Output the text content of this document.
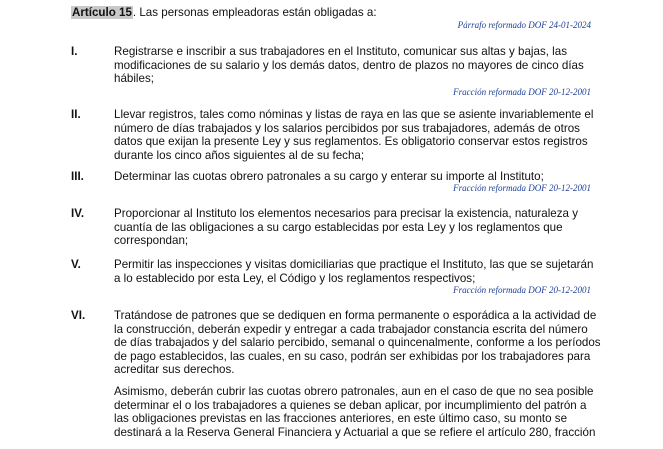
Artículo 15. Las personas empleadoras están obligadas a:
Párrafo reformado DOF 24-01-2024
I.	Registrarse e inscribir a sus trabajadores en el Instituto, comunicar sus altas y bajas, las
modificaciones de su salario y los demás datos, dentro de plazos no mayores de cinco días
hábiles;
Fracción reformada DOF 20-12-2001
II.	Llevar registros, tales como nóminas y listas de raya en las que se asiente invariablemente el
número de días trabajados y los salarios percibidos por sus trabajadores, además de otros
datos que exijan la presente Ley y sus reglamentos. Es obligatorio conservar estos registros
durante los cinco años siguientes al de su fecha;
III.	Determinar las cuotas obrero patronales a su cargo y enterar su importe al Instituto;
Fracción reformada DOF 20-12-2001
IV.	Proporcionar al Instituto los elementos necesarios para precisar la existencia, naturaleza y
cuantía de las obligaciones a su cargo establecidas por esta Ley y los reglamentos que
correspondan;
V.	Permitir las inspecciones y visitas domiciliarias que practique el Instituto, las que se sujetarán
a lo establecido por esta Ley, el Código y los reglamentos respectivos;
Fracción reformada DOF 20-12-2001
VI.	Tratándose de patrones que se dediquen en forma permanente o esporádica a la actividad de
la construcción, deberán expedir y entregar a cada trabajador constancia escrita del número
de días trabajados y del salario percibido, semanal o quincenalmente, conforme a los períodos
de pago establecidos, las cuales, en su caso, podrán ser exhibidas por los trabajadores para
acreditar sus derechos.
Asimismo, deberán cubrir las cuotas obrero patronales, aun en el caso de que no sea posible
determinar el o los trabajadores a quienes se deban aplicar, por incumplimiento del patrón a
las obligaciones previstas en las fracciones anteriores, en este último caso, su monto se
destinará a la Reserva General Financiera y Actuarial a que se refiere el artículo 280, fracción
